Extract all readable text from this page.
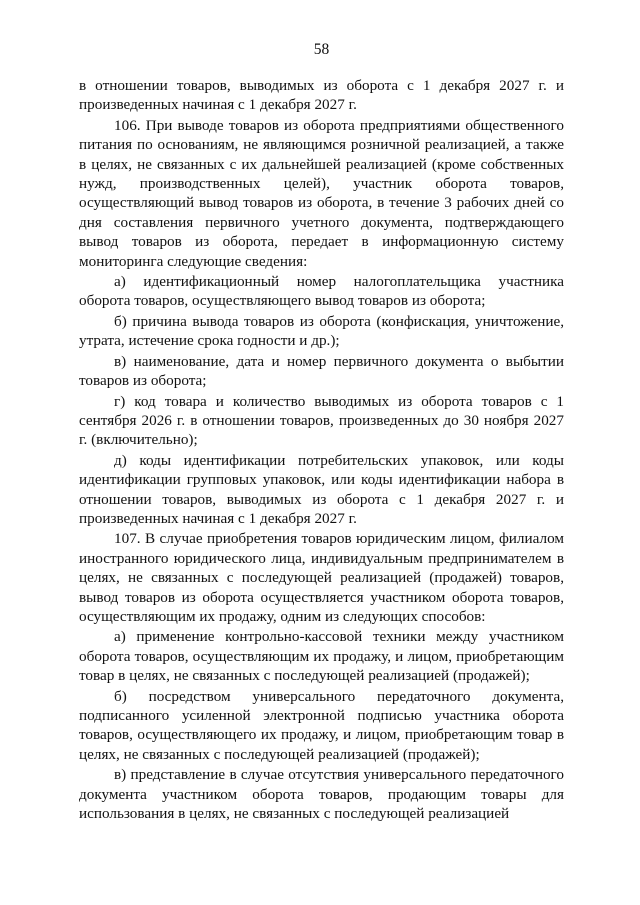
58

в отношении товаров, выводимых из оборота с 1 декабря 2027 г. и произведенных начиная с 1 декабря 2027 г.

106. При выводе товаров из оборота предприятиями общественного питания по основаниям, не являющимся розничной реализацией, а также в целях, не связанных с их дальнейшей реализацией (кроме собственных нужд, производственных целей), участник оборота товаров, осуществляющий вывод товаров из оборота, в течение 3 рабочих дней со дня составления первичного учетного документа, подтверждающего вывод товаров из оборота, передает в информационную систему мониторинга следующие сведения:

а) идентификационный номер налогоплательщика участника оборота товаров, осуществляющего вывод товаров из оборота;

б) причина вывода товаров из оборота (конфискация, уничтожение, утрата, истечение срока годности и др.);

в) наименование, дата и номер первичного документа о выбытии товаров из оборота;

г) код товара и количество выводимых из оборота товаров с 1 сентября 2026 г. в отношении товаров, произведенных до 30 ноября 2027 г. (включительно);

д) коды идентификации потребительских упаковок, или коды идентификации групповых упаковок, или коды идентификации набора в отношении товаров, выводимых из оборота с 1 декабря 2027 г. и произведенных начиная с 1 декабря 2027 г.

107. В случае приобретения товаров юридическим лицом, филиалом иностранного юридического лица, индивидуальным предпринимателем в целях, не связанных с последующей реализацией (продажей) товаров, вывод товаров из оборота осуществляется участником оборота товаров, осуществляющим их продажу, одним из следующих способов:

а) применение контрольно-кассовой техники между участником оборота товаров, осуществляющим их продажу, и лицом, приобретающим товар в целях, не связанных с последующей реализацией (продажей);

б) посредством универсального передаточного документа, подписанного усиленной электронной подписью участника оборота товаров, осуществляющего их продажу, и лицом, приобретающим товар в целях, не связанных с последующей реализацией (продажей);

в) представление в случае отсутствия универсального передаточного документа участником оборота товаров, продающим товары для использования в целях, не связанных с последующей реализацией
